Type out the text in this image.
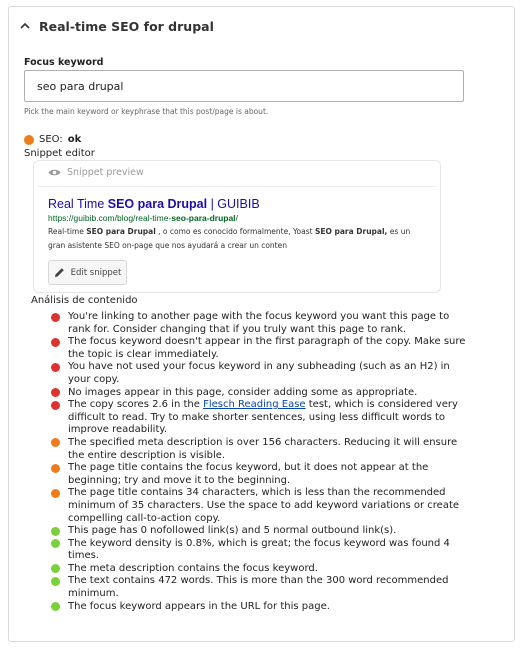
Real-time SEO for drupal
Focus keyword
seo para drupal
Pick the main keyword or keyphrase that this post/page is about.
SEO: ok
Snippet editor
Snippet preview
Real Time SEO para Drupal | GUIBIB
https://guibib.com/blog/real-time-seo-para-drupal/
Real-time SEO para Drupal , o como es conocido formalmente, Yoast SEO para Drupal, es un gran asistente SEO on-page que nos ayudará a crear un conten
Edit snippet
Análisis de contenido
You're linking to another page with the focus keyword you want this page to rank for. Consider changing that if you truly want this page to rank.
The focus keyword doesn't appear in the first paragraph of the copy. Make sure the topic is clear immediately.
You have not used your focus keyword in any subheading (such as an H2) in your copy.
No images appear in this page, consider adding some as appropriate.
The copy scores 2.6 in the Flesch Reading Ease test, which is considered very difficult to read. Try to make shorter sentences, using less difficult words to improve readability.
The specified meta description is over 156 characters. Reducing it will ensure the entire description is visible.
The page title contains the focus keyword, but it does not appear at the beginning; try and move it to the beginning.
The page title contains 34 characters, which is less than the recommended minimum of 35 characters. Use the space to add keyword variations or create compelling call-to-action copy.
This page has 0 nofollowed link(s) and 5 normal outbound link(s).
The keyword density is 0.8%, which is great; the focus keyword was found 4 times.
The meta description contains the focus keyword.
The text contains 472 words. This is more than the 300 word recommended minimum.
The focus keyword appears in the URL for this page.
